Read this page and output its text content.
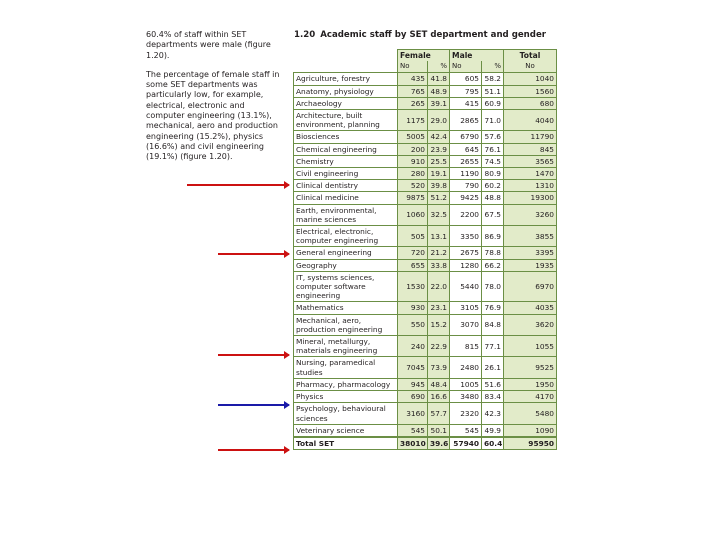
60.4% of staff within SET departments were male (figure 1.20).

The percentage of female staff in some SET departments was particularly low, for example, electrical, electronic and computer engineering (13.1%), mechanical, aero and production engineering (15.2%), physics (16.6%) and civil engineering (19.1%) (figure 1.20).

1.20 Academic staff by SET department and gender
	Female		Male		Total
	No	%	No	%	No
Agriculture, forestry	435	41.8	605	58.2	1040
Anatomy, physiology	765	48.9	795	51.1	1560
Archaeology	265	39.1	415	60.9	680
Architecture, built environment, planning	1175	29.0	2865	71.0	4040
Biosciences	5005	42.4	6790	57.6	11790
Chemical engineering	200	23.9	645	76.1	845
Chemistry	910	25.5	2655	74.5	3565
Civil engineering	280	19.1	1190	80.9	1470
Clinical dentistry	520	39.8	790	60.2	1310
Clinical medicine	9875	51.2	9425	48.8	19300
Earth, environmental, marine sciences	1060	32.5	2200	67.5	3260
Electrical, electronic, computer engineering	505	13.1	3350	86.9	3855
General engineering	720	21.2	2675	78.8	3395
Geography	655	33.8	1280	66.2	1935
IT, systems sciences, computer software engineering	1530	22.0	5440	78.0	6970
Mathematics	930	23.1	3105	76.9	4035
Mechanical, aero, production engineering	550	15.2	3070	84.8	3620
Mineral, metallurgy, materials engineering	240	22.9	815	77.1	1055
Nursing, paramedical studies	7045	73.9	2480	26.1	9525
Pharmacy, pharmacology	945	48.4	1005	51.6	1950
Physics	690	16.6	3480	83.4	4170
Psychology, behavioural sciences	3160	57.7	2320	42.3	5480
Veterinary science	545	50.1	545	49.9	1090
Total SET	38010	39.6	57940	60.4	95950
